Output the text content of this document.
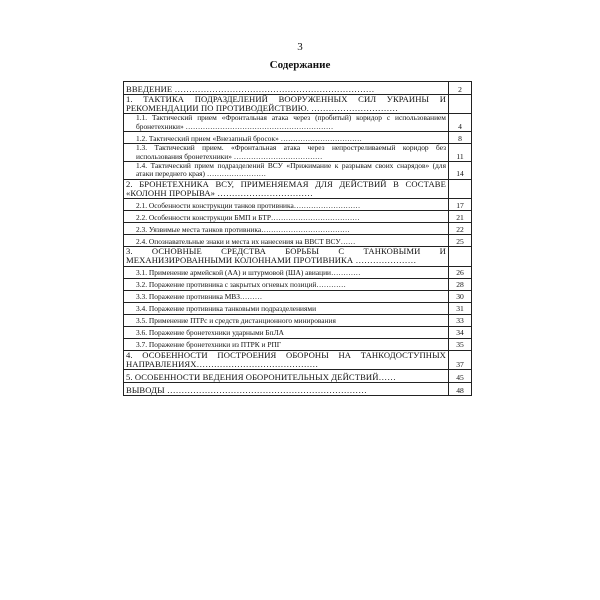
3
Содержание
ВВЕДЕНИЕ ……………………………………………………………	2
1. ТАКТИКА ПОДРАЗДЕЛЕНИЙ ВООРУЖЕННЫХ СИЛ УКРАИНЫ И РЕКОМЕНДАЦИИ ПО ПРОТИВОДЕЙСТВИЮ. …………………………	
1.1. Тактический прием «Фронтальная атака через (пробитый) коридор с использованием бронетехники» ……………………………………………………	4
1.2. Тактический прием «Внезапный бросок» ……………………………	8
1.3. Тактический прием. «Фронтальная атака через непростреливаемый коридор без использования бронетехники» ………………………………	11
1.4. Тактический прием подразделений ВСУ «Прижимание к разрывам своих снарядов» (для атаки переднего края) ……………………	14
2. БРОНЕТЕХНИКА ВСУ, ПРИМЕНЯЕМАЯ ДЛЯ ДЕЙСТВИЙ В СОСТАВЕ «КОЛОНН ПРОРЫВА» ……………………………	
2.1. Особенности конструкции танков противника………………………	17
2.2. Особенности конструкции БМП и БТР………………………………	21
2.3. Уязвимые места танков противника………………………………	22
2.4. Опознавательные знаки и места их нанесения на ВВСТ ВСУ……	25
3. ОСНОВНЫЕ СРЕДСТВА БОРЬБЫ С ТАНКОВЫМИ И МЕХАНИЗИРОВАННЫМИ КОЛОННАМИ ПРОТИВНИКА …………………	
3.1. Применение армейской (АА) и штурмовой (ША) авиации…………	26
3.2. Поражение противника с закрытых огневых позиций…………	28
3.3. Поражение противника МВЗ………	30
3.4. Поражение противника танковыми подразделениями	31
3.5. Применение ПТРс и средств дистанционного минирования	33
3.6. Поражение бронетехники ударными БпЛА	34
3.7. Поражение бронетехники из ПТРК и РПГ	35
4. ОСОБЕННОСТИ ПОСТРОЕНИЯ ОБОРОНЫ НА ТАНКОДОСТУПНЫХ НАПРАВЛЕНИЯХ……………………………………	37
5. ОСОБЕННОСТИ ВЕДЕНИЯ ОБОРОНИТЕЛЬНЫХ ДЕЙСТВИЙ……	45
ВЫВОДЫ ……………………………………………………………	48
